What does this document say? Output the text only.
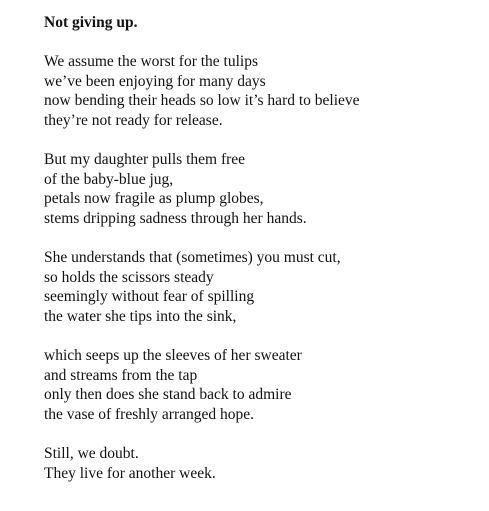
Not giving up.
We assume the worst for the tulips
we’ve been enjoying for many days
now bending their heads so low it’s hard to believe
they’re not ready for release.
But my daughter pulls them free
of the baby-blue jug,
petals now fragile as plump globes,
stems dripping sadness through her hands.
She understands that (sometimes) you must cut,
so holds the scissors steady
seemingly without fear of spilling
the water she tips into the sink,
which seeps up the sleeves of her sweater
and streams from the tap
only then does she stand back to admire
the vase of freshly arranged hope.
Still, we doubt.
They live for another week.
